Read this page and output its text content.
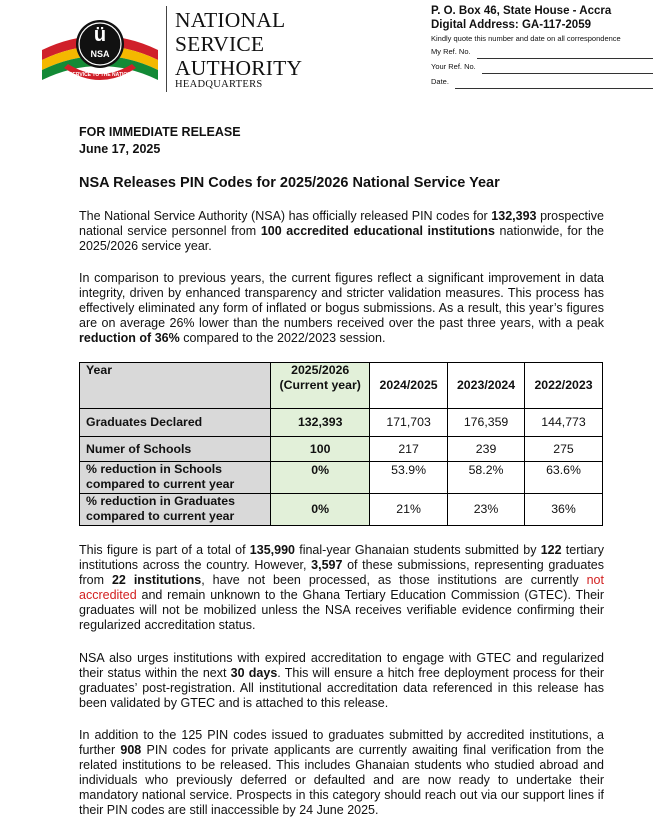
ü
NSA
SERVICE TO THE NATION
NATIONAL
SERVICE
AUTHORITY
HEADQUARTERS
P. O. Box 46, State House - Accra
Digital Address: GA-117-2059
Kindly quote this number and date on all correspondence
My Ref. No.
Your Ref. No.
Date.
FOR IMMEDIATE RELEASE
June 17, 2025
NSA Releases PIN Codes for 2025/2026 National Service Year

The National Service Authority (NSA) has officially released PIN codes for 132,393 prospective national service personnel from 100 accredited educational institutions nationwide, for the 2025/2026 service year.

In comparison to previous years, the current figures reflect a significant improvement in data integrity, driven by enhanced transparency and stricter validation measures. This process has effectively eliminated any form of inflated or bogus submissions. As a result, this year’s figures are on average 26% lower than the numbers received over the past three years, with a peak reduction of 36% compared to the 2022/2023 session.

Year	2025/2026 (Current year)	2024/2025	2023/2024	2022/2023
Graduates Declared	132,393	171,703	176,359	144,773
Numer of Schools	100	217	239	275
% reduction in Schools compared to current year	0%	53.9%	58.2%	63.6%
% reduction in Graduates compared to current year	0%	21%	23%	36%

This figure is part of a total of 135,990 final-year Ghanaian students submitted by 122 tertiary institutions across the country. However, 3,597 of these submissions, representing graduates from 22 institutions, have not been processed, as those institutions are currently not accredited and remain unknown to the Ghana Tertiary Education Commission (GTEC). Their graduates will not be mobilized unless the NSA receives verifiable evidence confirming their regularized accreditation status.

NSA also urges institutions with expired accreditation to engage with GTEC and regularized their status within the next 30 days. This will ensure a hitch free deployment process for their graduates’ post-registration. All institutional accreditation data referenced in this release has been validated by GTEC and is attached to this release.

In addition to the 125 PIN codes issued to graduates submitted by accredited institutions, a further 908 PIN codes for private applicants are currently awaiting final verification from the related institutions to be released. This includes Ghanaian students who studied abroad and individuals who previously deferred or defaulted and are now ready to undertake their mandatory national service. Prospects in this category should reach out via our support lines if their PIN codes are still inaccessible by 24 June 2025.
